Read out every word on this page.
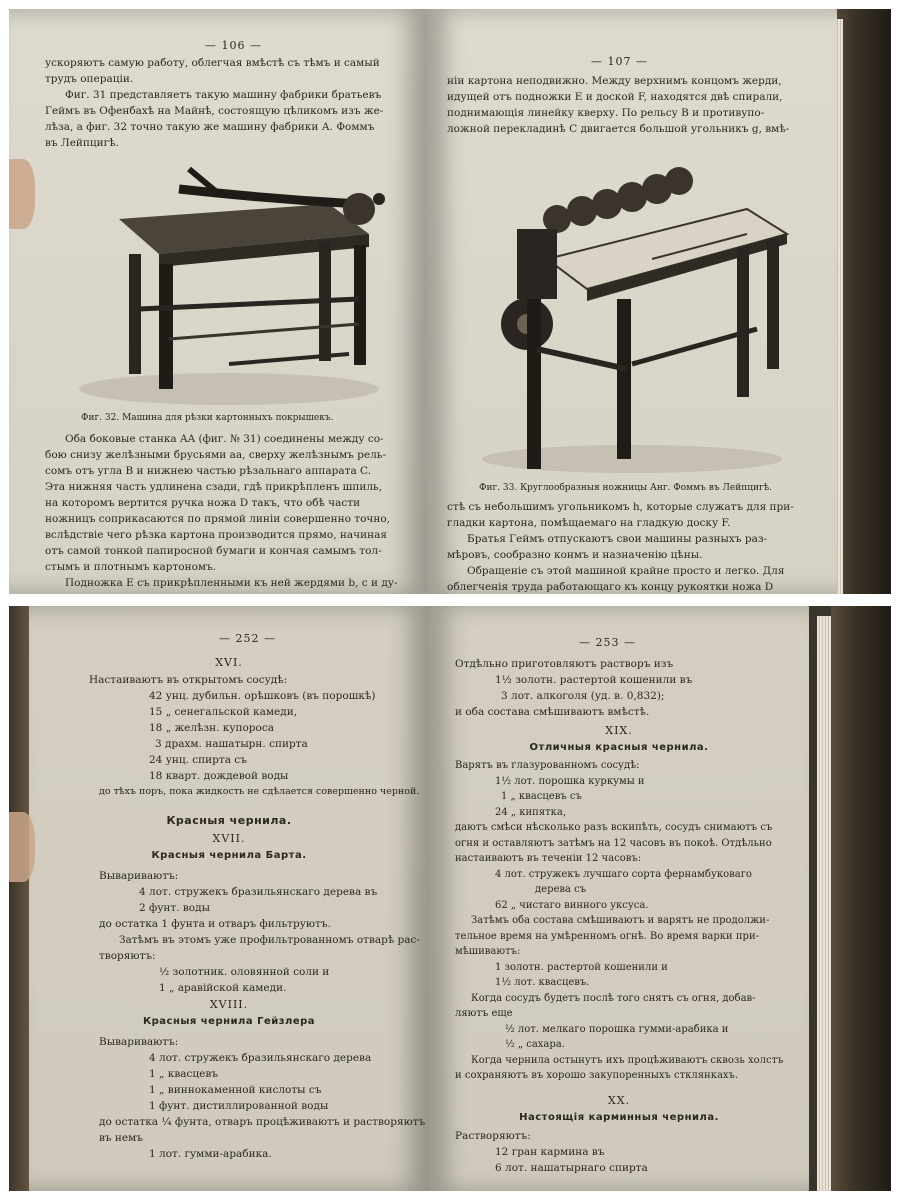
— 106 —

ускоряютъ самую работу, облегчая вмѣстѣ съ тѣмъ и самый

трудъ операціи.

Фиг. 31 представляетъ такую машину фабрики братьевъ

Геймъ въ Офенбахѣ на Майнѣ, состоящую цѣликомъ изъ же-

лѣза, а фиг. 32 точно такую же машину фабрики А. Фоммъ

въ Лейпцигѣ.

Фиг. 32. Машина для рѣзки картонныхъ покрышекъ.

Оба боковые станка AA (фиг. № 31) соединены между со-

бою снизу желѣзными брусьями aa, сверху желѣзнымъ рель-

сомъ отъ угла B и нижнею частью рѣзальнаго аппарата C.

Эта нижняя часть удлинена сзади, гдѣ прикрѣпленъ шпиль,

на которомъ вертится ручка ножа D такъ, что обѣ части

ножницъ соприкасаются по прямой линіи совершенно точно,

вслѣдствіе чего рѣзка картона производится прямо, начиная

отъ самой тонкой папиросной бумаги и кончая самымъ тол-

стымъ и плотнымъ картономъ.

Подножка E съ прикрѣпленными къ ней жердями b, c и ду-

— 107 —

ніи картона неподвижно. Между верхнимъ концомъ жерди,

идущей отъ подножки E и доской F, находятся двѣ спирали,

поднимающія линейку кверху. По рельсу B и противупо-

ложной перекладинѣ C двигается большой угольникъ g, вмѣ-

Фиг. 33. Круглообразныя ножницы Анг. Фоммъ въ Лейпцигѣ.

стѣ съ небольшимъ угольникомъ h, которые служатъ для при-

гладки картона, помѣщаемаго на гладкую доску F.

Братья Геймъ отпускаютъ свои машины разныхъ раз-

мѣровъ, сообразно конмъ и назначенію цѣны.

Обращеніе съ этой машиной крайне просто и легко. Для

облегченія труда работающаго къ концу рукоятки ножа D

— 252 —
XVI.

Настаиваютъ въ открытомъ сосудѣ:

42 унц. дубильн. орѣшковъ (въ порошкѣ)

15 „ сенегальской камеди,

18 „ желѣзн. купороса

3 драхм. нашатырн. спирта

24 унц. спирта съ

18 кварт. дождевой воды

до тѣхъ поръ, пока жидкость не сдѣлается совершенно черной.

Красныя чернила.
XVII.
Красныя чернила Барта.

Вывариваютъ:

4 лот. стружекъ бразильянскаго дерева въ

2 фунт. воды

до остатка 1 фунта и отваръ фильтруютъ.

Затѣмъ въ этомъ уже профильтрованномъ отварѣ рас-

творяютъ:

½ золотник. оловянной соли и

1 „ аравійской камеди.

XVIII.
Красныя чернила Гейзлера

Вывариваютъ:

4 лот. стружекъ бразильянскаго дерева

1 „ квасцевъ

1 „ виннокаменной кислоты съ

1 фунт. дистиллированной воды

до остатка ¼ фунта, отваръ процѣживаютъ и растворяютъ

въ немъ

1 лот. гумми-арабика.

— 253 —

Отдѣльно приготовляютъ растворъ изъ

1½ золотн. растертой кошенили въ

3 лот. алкоголя (уд. в. 0,832);

и оба состава смѣшиваютъ вмѣстѣ.

XIX.
Отличныя красныя чернила.

Варятъ въ глазурованномъ сосудѣ:

1½ лот. порошка куркумы и

1 „ квасцевъ съ

24 „ кипятка,

даютъ смѣси нѣсколько разъ вскипѣть, сосудъ снимаютъ съ

огня и оставляютъ затѣмъ на 12 часовъ въ покоѣ. Отдѣльно

настаиваютъ въ теченіи 12 часовъ:

4 лот. стружекъ лучшаго сорта фернамбуковаго

дерева съ

62 „ чистаго винного уксуса.

Затѣмъ оба состава смѣшиваютъ и варятъ не продолжи-

тельное время на умѣренномъ огнѣ. Во время варки при-

мѣшиваютъ:

1 золотн. растертой кошенили и

1½ лот. квасцевъ.

Когда сосудъ будетъ послѣ того снятъ съ огня, добав-

ляютъ еще

½ лот. мелкаго порошка гумми-арабика и

½ „ сахара.

Когда чернила остынутъ ихъ процѣживаютъ сквозь холстъ

и сохраняютъ въ хорошо закупоренныхъ стклянкахъ.

XX.
Настоящія карминныя чернила.

Растворяютъ:

12 гран кармина въ

6 лот. нашатырнаго спирта
